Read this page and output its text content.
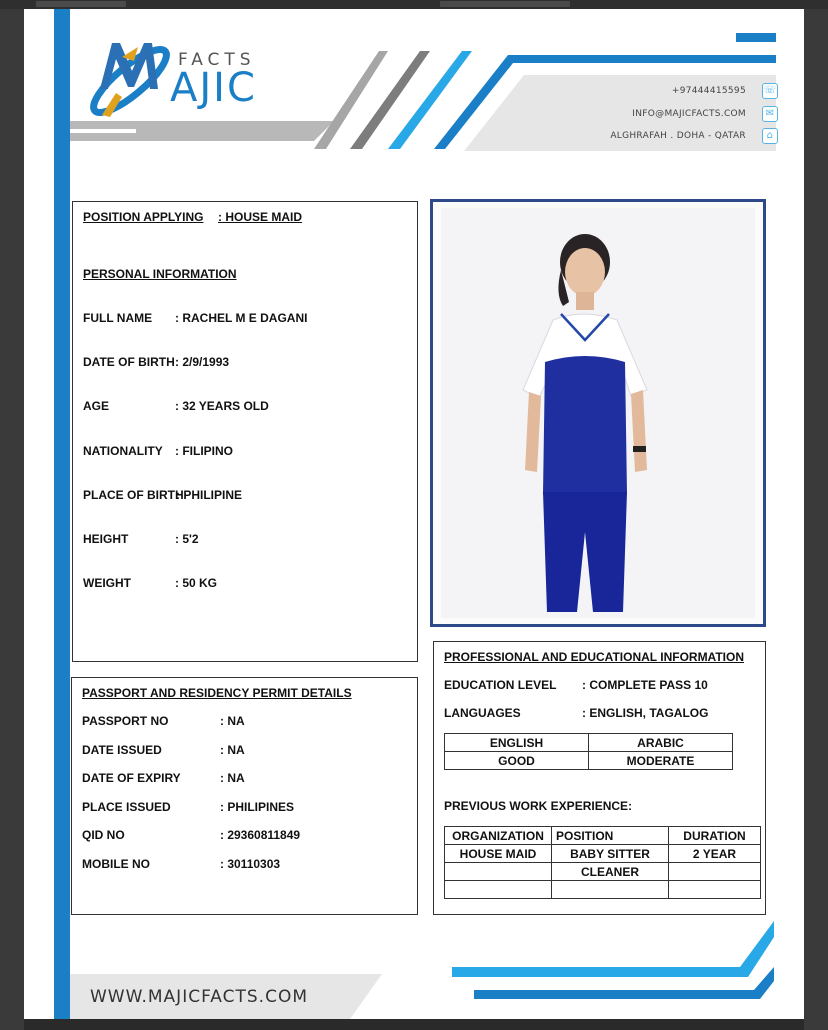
FACTS
AJIC	+97444415595 ☏
INFO@MAJICFACTS.COM	✉
ALGHRAFAH . DOHA - QATAR	⌂
POSITION APPLYING : HOUSE MAID
PERSONAL INFORMATION
FULL NAME : RACHEL M E DAGANI
DATE OF BIRTH : 2/9/1993
AGE	: 32 YEARS OLD
NATIONALITY : FILIPINO
PLACE OF BIRTH
: PHILIPINE
HEIGHT	: 5'2
WEIGHT	: 50 KG
PASSPORT AND RESIDENCY PERMIT DETAILS
PASSPORT NO	: NA
DATE ISSUED	: NA
DATE OF EXPIRY	: NA
PLACE ISSUED	: PHILIPINES
QID NO	: 29360811849
MOBILE NO	: 30110303
PROFESSIONAL AND EDUCATIONAL INFORMATION
EDUCATION LEVEL : COMPLETE PASS 10
LANGUAGES	: ENGLISH, TAGALOG
ENGLISH	ARABIC
GOOD	MODERATE
PREVIOUS WORK EXPERIENCE:
ORGANIZATION	POSITION	DURATION
HOUSE MAID	BABY SITTER	2 YEAR
	CLEANER	

WWW.MAJICFACTS.COM
